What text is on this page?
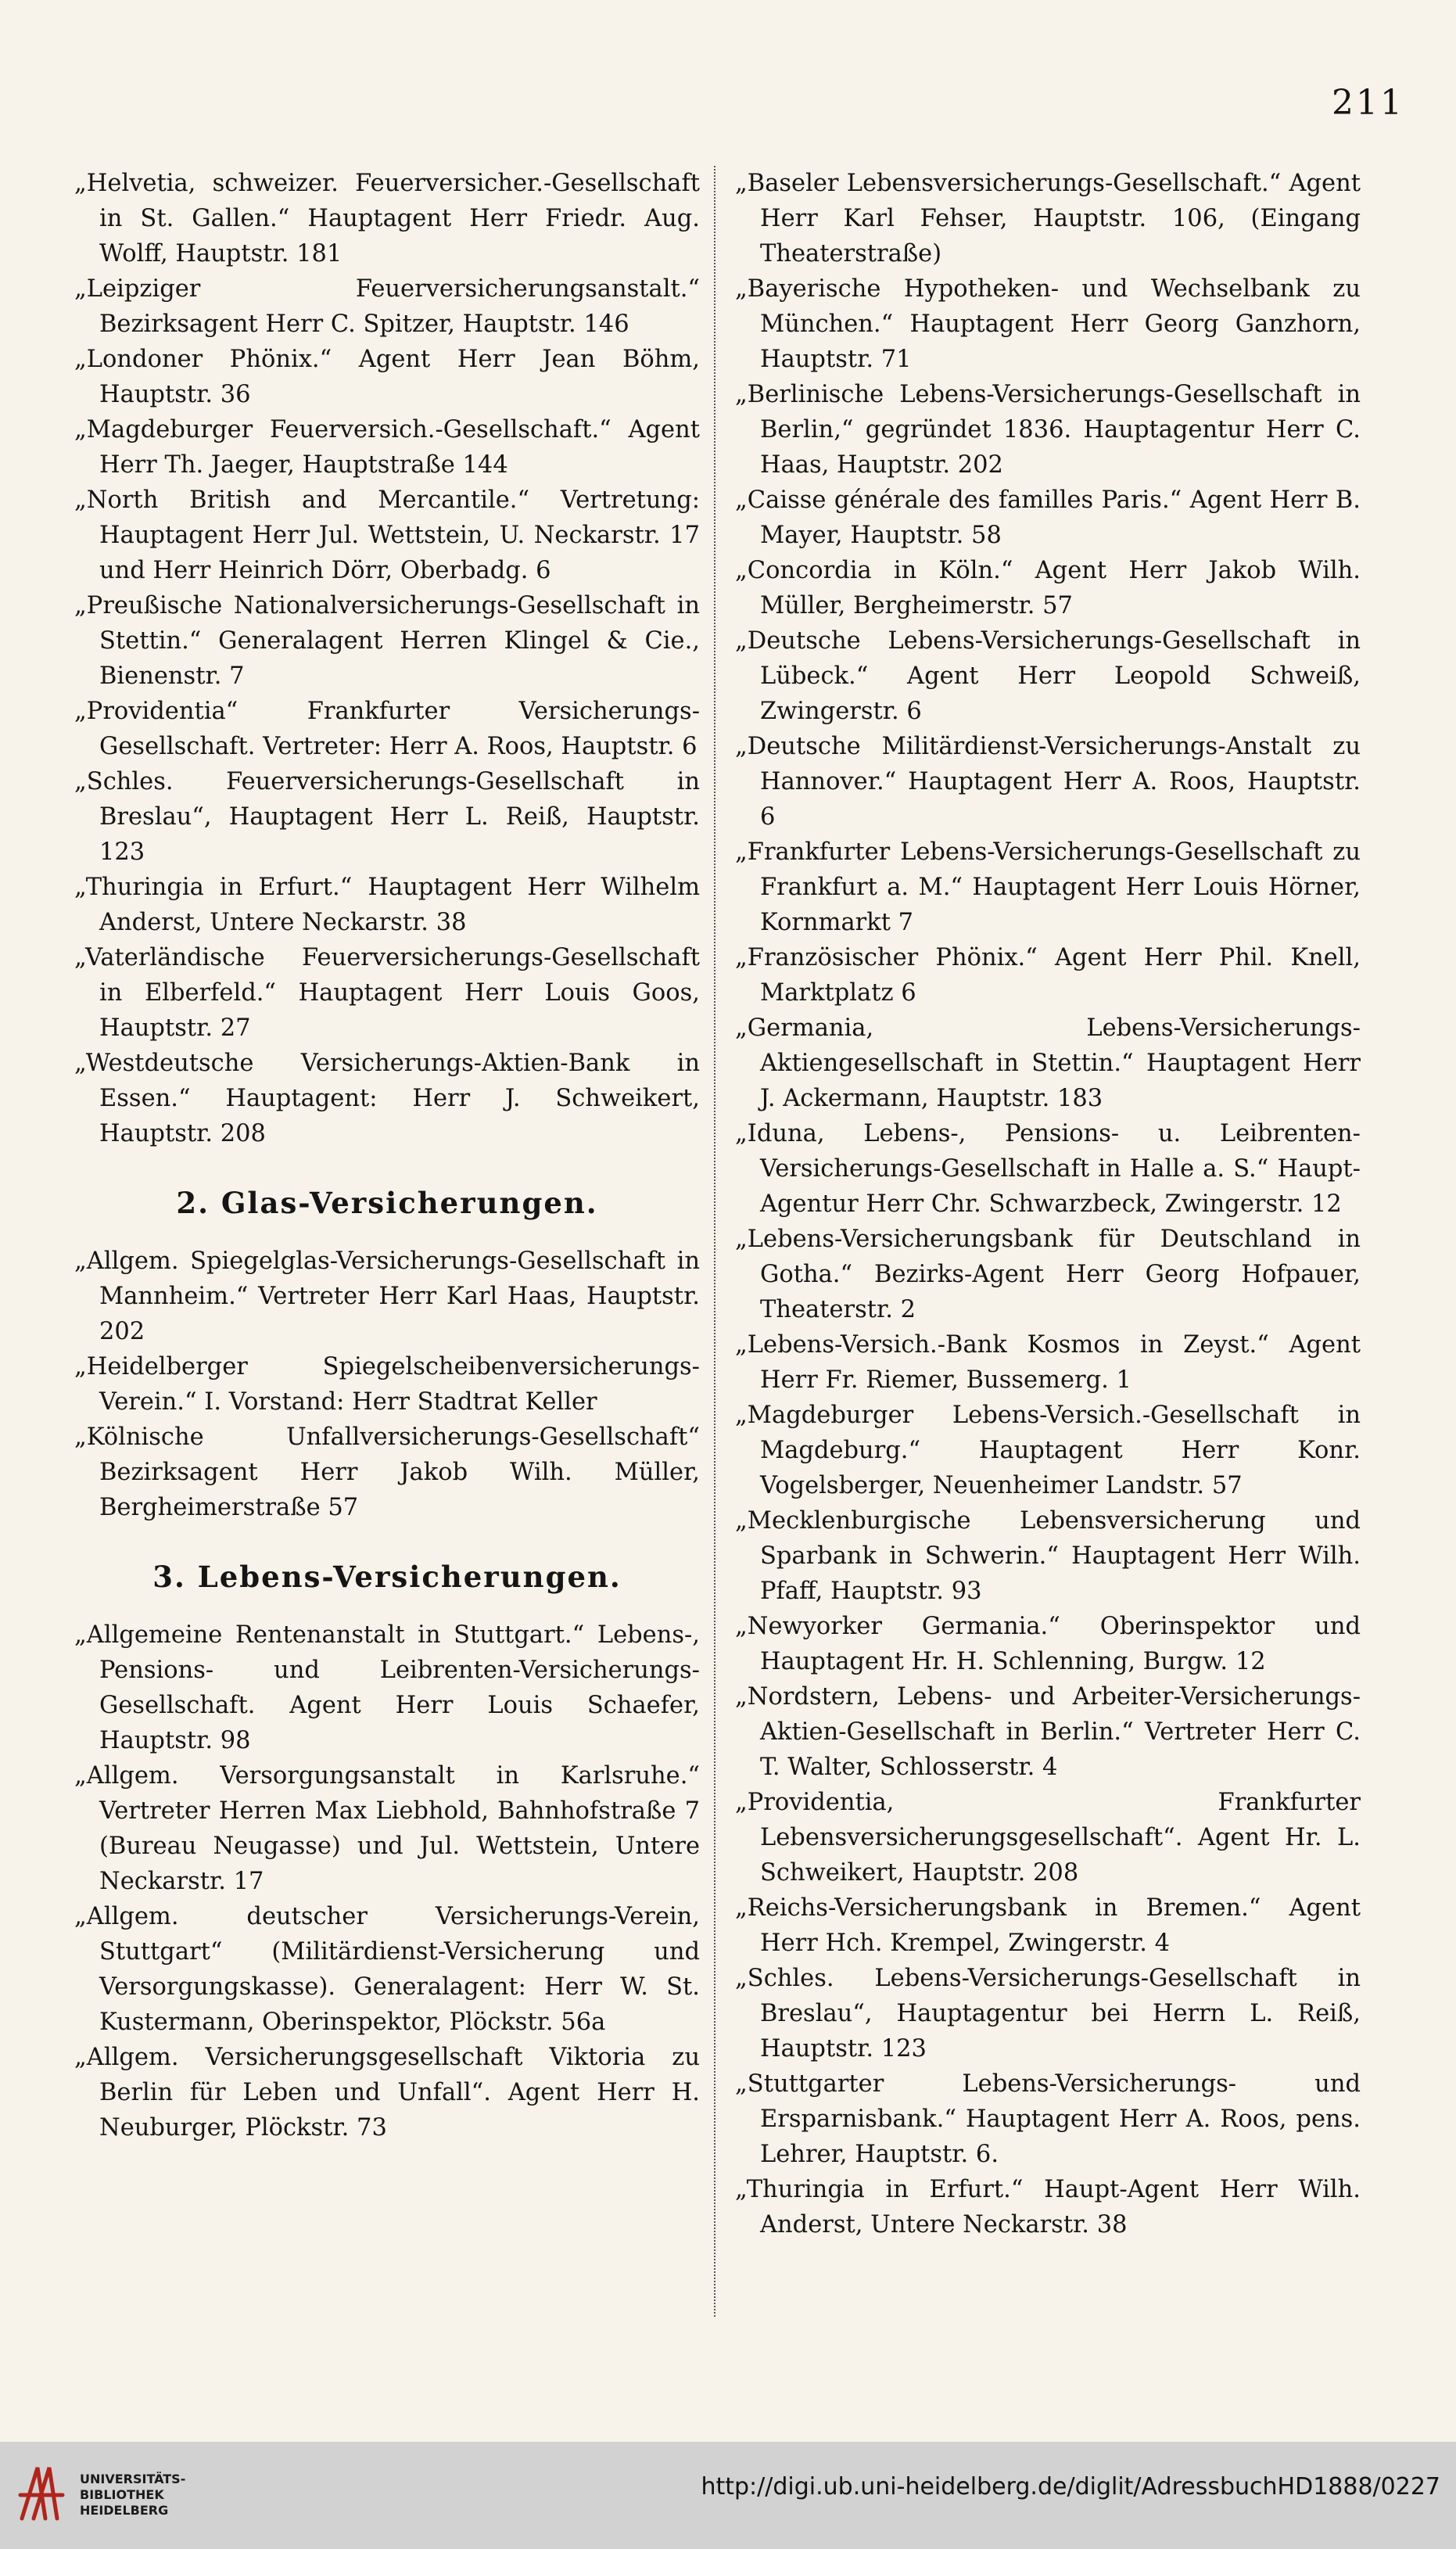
211

„Helvetia, schweizer. Feuerversicher.-Gesellschaft in St. Gallen.“ Hauptagent Herr Friedr. Aug. Wolff, Hauptstr. 181

„Leipziger Feuerversicherungsanstalt.“ Bezirksagent Herr C. Spitzer, Hauptstr. 146

„Londoner Phönix.“ Agent Herr Jean Böhm, Hauptstr. 36

„Magdeburger Feuerversich.-Gesellschaft.“ Agent Herr Th. Jaeger, Hauptstraße 144

„North British and Mercantile.“ Vertretung: Hauptagent Herr Jul. Wettstein, U. Neckarstr. 17 und Herr Heinrich Dörr, Oberbadg. 6

„Preußische Nationalversicherungs-Gesellschaft in Stettin.“ Generalagent Herren Klingel & Cie., Bienenstr. 7

„Providentia“ Frankfurter Versicherungs-Gesellschaft. Vertreter: Herr A. Roos, Hauptstr. 6

„Schles. Feuerversicherungs-Gesellschaft in Breslau“, Hauptagent Herr L. Reiß, Hauptstr. 123

„Thuringia in Erfurt.“ Hauptagent Herr Wilhelm Anderst, Untere Neckarstr. 38

„Vaterländische Feuerversicherungs-Gesellschaft in Elberfeld.“ Hauptagent Herr Louis Goos, Hauptstr. 27

„Westdeutsche Versicherungs-Aktien-Bank in Essen.“ Hauptagent: Herr J. Schweikert, Hauptstr. 208

2. Glas-Versicherungen.

„Allgem. Spiegelglas-Versicherungs-Gesellschaft in Mannheim.“ Vertreter Herr Karl Haas, Hauptstr. 202

„Heidelberger Spiegelscheibenversicherungs-Verein.“ I. Vorstand: Herr Stadtrat Keller

„Kölnische Unfallversicherungs-Gesellschaft“ Bezirksagent Herr Jakob Wilh. Müller, Bergheimerstraße 57

3. Lebens-Versicherungen.

„Allgemeine Rentenanstalt in Stuttgart.“ Lebens-, Pensions- und Leibrenten-Versicherungs-Gesellschaft. Agent Herr Louis Schaefer, Hauptstr. 98

„Allgem. Versorgungsanstalt in Karlsruhe.“ Vertreter Herren Max Liebhold, Bahnhofstraße 7 (Bureau Neugasse) und Jul. Wettstein, Untere Neckarstr. 17

„Allgem. deutscher Versicherungs-Verein, Stuttgart“ (Militärdienst-Versicherung und Versorgungskasse). Generalagent: Herr W. St. Kustermann, Oberinspektor, Plöckstr. 56a

„Allgem. Versicherungsgesellschaft Viktoria zu Berlin für Leben und Unfall“. Agent Herr H. Neuburger, Plöckstr. 73

„Baseler Lebensversicherungs-Gesellschaft.“ Agent Herr Karl Fehser, Hauptstr. 106, (Eingang Theaterstraße)

„Bayerische Hypotheken- und Wechselbank zu München.“ Hauptagent Herr Georg Ganzhorn, Hauptstr. 71

„Berlinische Lebens-Versicherungs-Gesellschaft in Berlin,“ gegründet 1836. Hauptagentur Herr C. Haas, Hauptstr. 202

„Caisse générale des familles Paris.“ Agent Herr B. Mayer, Hauptstr. 58

„Concordia in Köln.“ Agent Herr Jakob Wilh. Müller, Bergheimerstr. 57

„Deutsche Lebens-Versicherungs-Gesellschaft in Lübeck.“ Agent Herr Leopold Schweiß, Zwingerstr. 6

„Deutsche Militärdienst-Versicherungs-Anstalt zu Hannover.“ Hauptagent Herr A. Roos, Hauptstr. 6

„Frankfurter Lebens-Versicherungs-Gesellschaft zu Frankfurt a. M.“ Hauptagent Herr Louis Hörner, Kornmarkt 7

„Französischer Phönix.“ Agent Herr Phil. Knell, Marktplatz 6

„Germania, Lebens-Versicherungs-Aktiengesellschaft in Stettin.“ Hauptagent Herr J. Ackermann, Hauptstr. 183

„Iduna, Lebens-, Pensions- u. Leibrenten-Versicherungs-Gesellschaft in Halle a. S.“ Haupt-Agentur Herr Chr. Schwarzbeck, Zwingerstr. 12

„Lebens-Versicherungsbank für Deutschland in Gotha.“ Bezirks-Agent Herr Georg Hofpauer, Theaterstr. 2

„Lebens-Versich.-Bank Kosmos in Zeyst.“ Agent Herr Fr. Riemer, Bussemerg. 1

„Magdeburger Lebens-Versich.-Gesellschaft in Magdeburg.“ Hauptagent Herr Konr. Vogelsberger, Neuenheimer Landstr. 57

„Mecklenburgische Lebensversicherung und Sparbank in Schwerin.“ Hauptagent Herr Wilh. Pfaff, Hauptstr. 93

„Newyorker Germania.“ Oberinspektor und Hauptagent Hr. H. Schlenning, Burgw. 12

„Nordstern, Lebens- und Arbeiter-Versicherungs-Aktien-Gesellschaft in Berlin.“ Vertreter Herr C. T. Walter, Schlosserstr. 4

„Providentia, Frankfurter Lebensversicherungsgesellschaft“. Agent Hr. L. Schweikert, Hauptstr. 208

„Reichs-Versicherungsbank in Bremen.“ Agent Herr Hch. Krempel, Zwingerstr. 4

„Schles. Lebens-Versicherungs-Gesellschaft in Breslau“, Hauptagentur bei Herrn L. Reiß, Hauptstr. 123

„Stuttgarter Lebens-Versicherungs- und Ersparnisbank.“ Hauptagent Herr A. Roos, pens. Lehrer, Hauptstr. 6.

„Thuringia in Erfurt.“ Haupt-Agent Herr Wilh. Anderst, Untere Neckarstr. 38

UNIVERSITÄTS-
BIBLIOTHEK
HEIDELBERG
http://digi.ub.uni-heidelberg.de/diglit/AdressbuchHD1888/0227
